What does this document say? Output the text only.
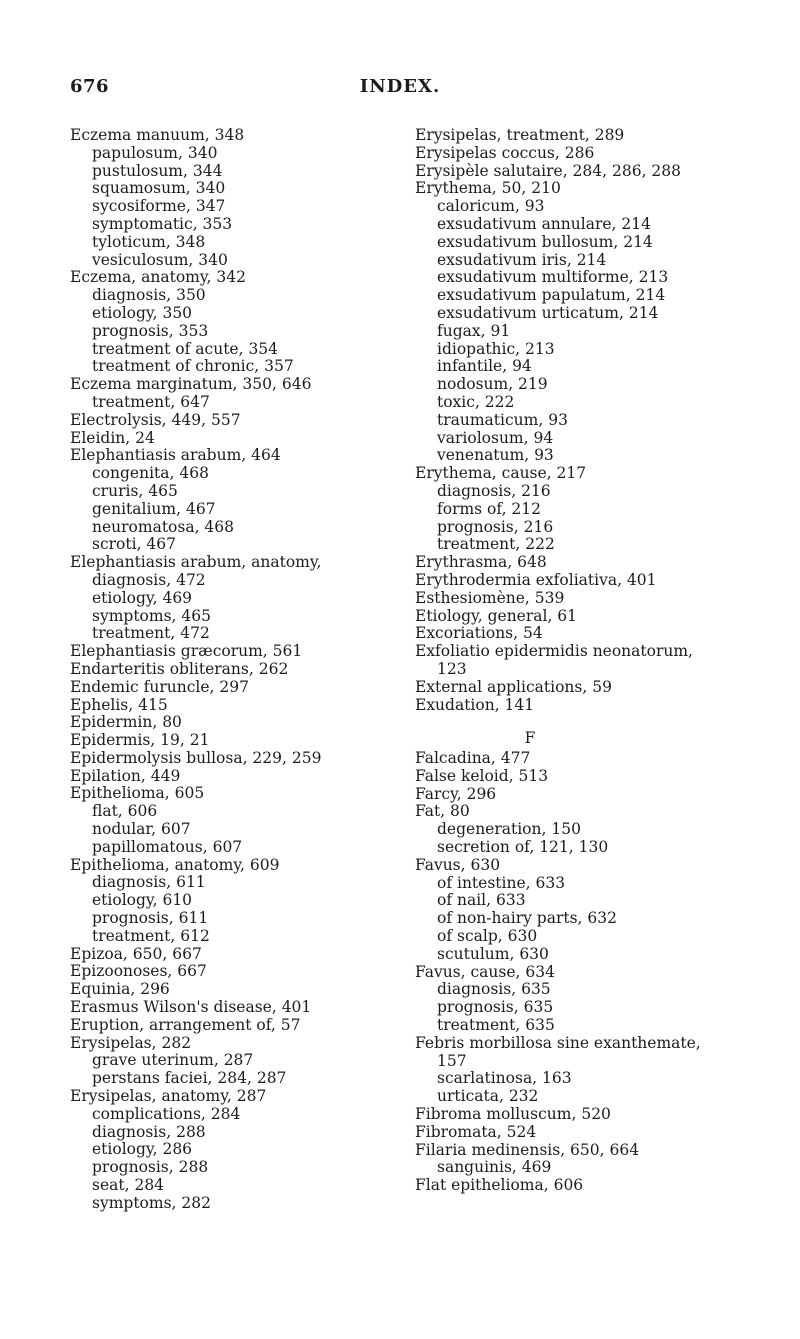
676	INDEX.
Eczema manuum, 348
papulosum, 340
pustulosum, 344
squamosum, 340
sycosiforme, 347
symptomatic, 353
tyloticum, 348
vesiculosum, 340
Eczema, anatomy, 342
diagnosis, 350
etiology, 350
prognosis, 353
treatment of acute, 354
treatment of chronic, 357
Eczema marginatum, 350, 646
treatment, 647
Electrolysis, 449, 557
Eleidin, 24
Elephantiasis arabum, 464
congenita, 468
cruris, 465
genitalium, 467
neuromatosa, 468
scroti, 467
Elephantiasis arabum, anatomy,
diagnosis, 472
etiology, 469
symptoms, 465
treatment, 472
Elephantiasis græcorum, 561
Endarteritis obliterans, 262
Endemic furuncle, 297
Ephelis, 415
Epidermin, 80
Epidermis, 19, 21
Epidermolysis bullosa, 229, 259
Epilation, 449
Epithelioma, 605
flat, 606
nodular, 607
papillomatous, 607
Epithelioma, anatomy, 609
diagnosis, 611
etiology, 610
prognosis, 611
treatment, 612
Epizoa, 650, 667
Epizoonoses, 667
Equinia, 296
Erasmus Wilson's disease, 401
Eruption, arrangement of, 57
Erysipelas, 282
grave uterinum, 287
perstans faciei, 284, 287
Erysipelas, anatomy, 287
complications, 284
diagnosis, 288
etiology, 286
prognosis, 288
seat, 284
symptoms, 282
Erysipelas, treatment, 289
Erysipelas coccus, 286
Erysipèle salutaire, 284, 286, 288
Erythema, 50, 210
caloricum, 93
exsudativum annulare, 214
exsudativum bullosum, 214
exsudativum iris, 214
exsudativum multiforme, 213
exsudativum papulatum, 214
exsudativum urticatum, 214
fugax, 91
idiopathic, 213
infantile, 94
nodosum, 219
toxic, 222
traumaticum, 93
variolosum, 94
venenatum, 93
Erythema, cause, 217
diagnosis, 216
forms of, 212
prognosis, 216
treatment, 222
Erythrasma, 648
Erythrodermia exfoliativa, 401
Esthesiomène, 539
Etiology, general, 61
Excoriations, 54
Exfoliatio epidermidis neonatorum,
123
External applications, 59
Exudation, 141
F
Falcadina, 477
False keloid, 513
Farcy, 296
Fat, 80
degeneration, 150
secretion of, 121, 130
Favus, 630
of intestine, 633
of nail, 633
of non-hairy parts, 632
of scalp, 630
scutulum, 630
Favus, cause, 634
diagnosis, 635
prognosis, 635
treatment, 635
Febris morbillosa sine exanthemate,
157
scarlatinosa, 163
urticata, 232
Fibroma molluscum, 520
Fibromata, 524
Filaria medinensis, 650, 664
sanguinis, 469
Flat epithelioma, 606
